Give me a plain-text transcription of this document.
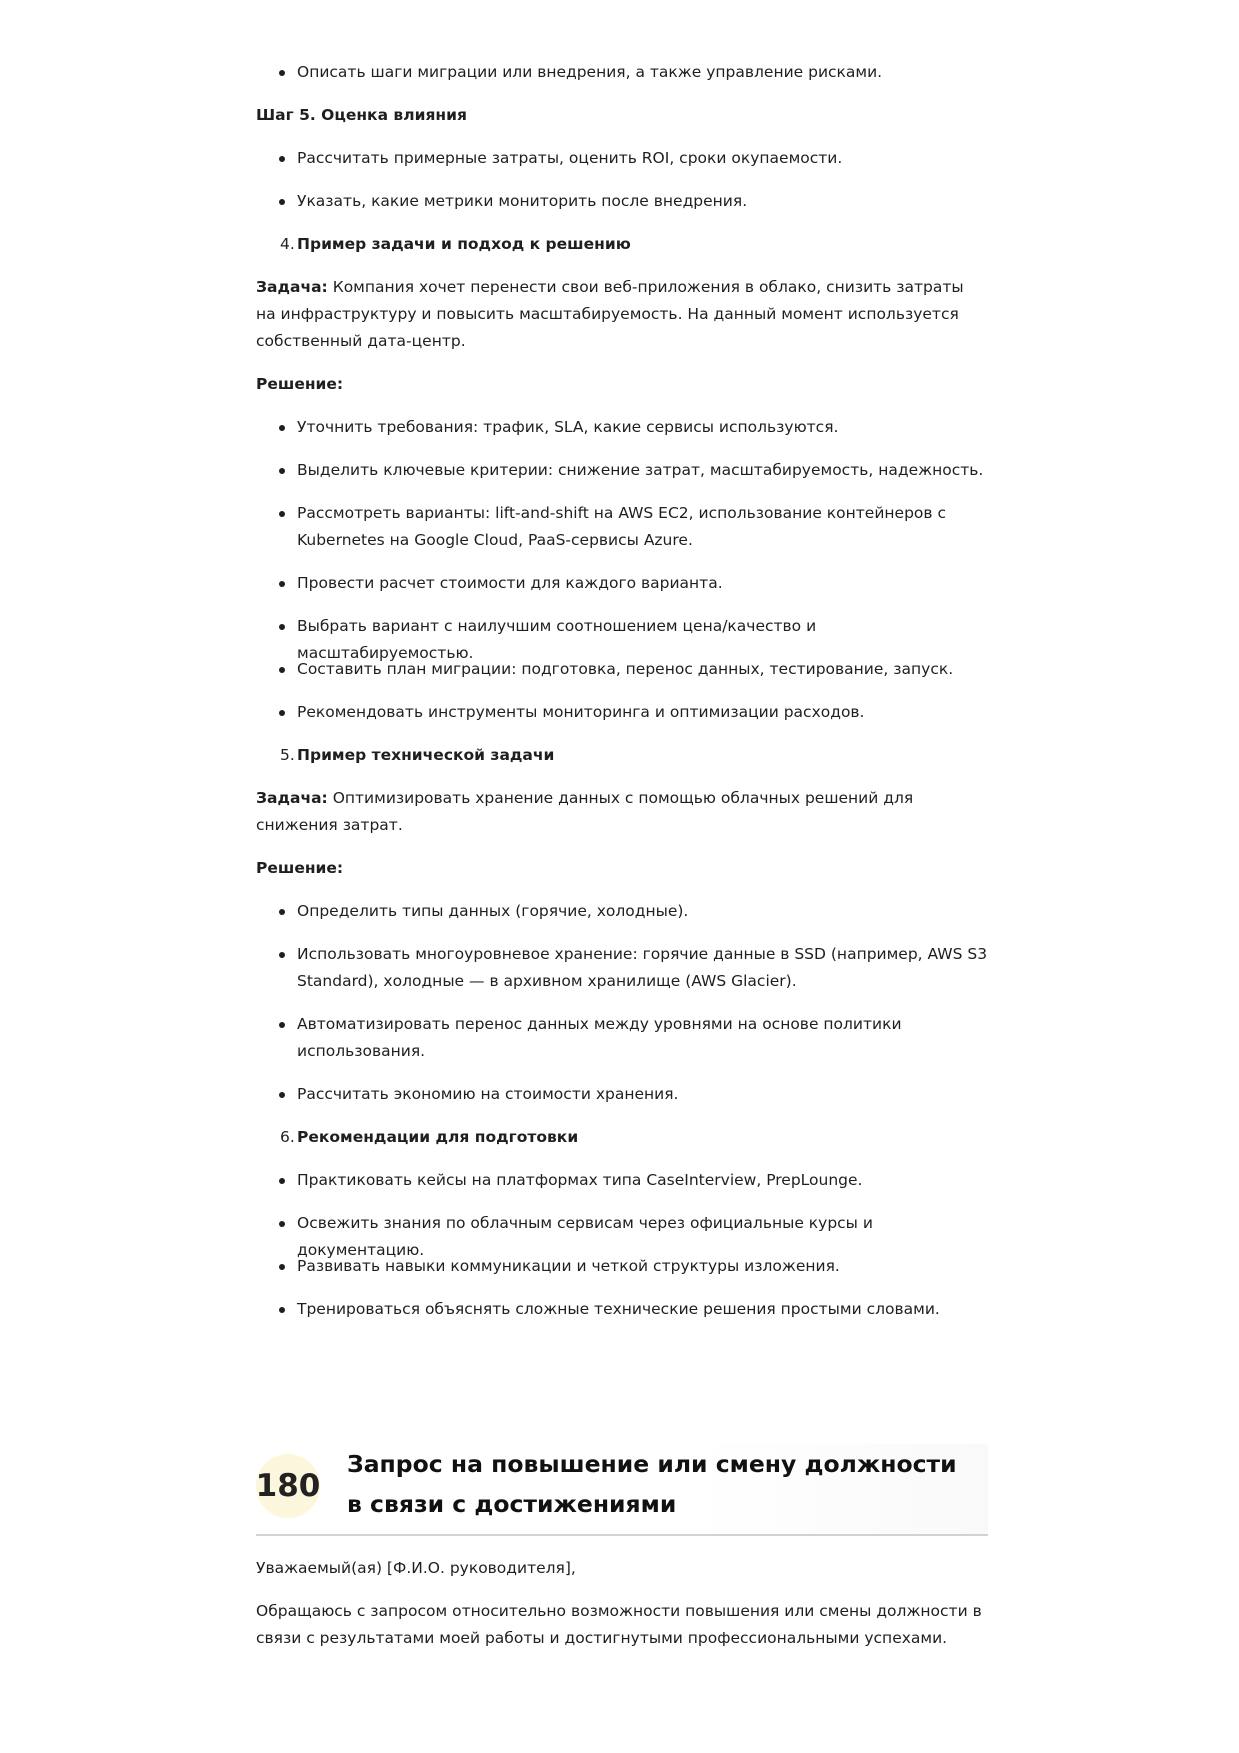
Описать шаги миграции или внедрения, а также управление рисками.

Шаг 5. Оценка влияния

Рассчитать примерные затраты, оценить ROI, сроки окупаемости.

Указать, какие метрики мониторить после внедрения.

4. Пример задачи и подход к решению

Задача: Компания хочет перенести свои веб-приложения в облако, снизить затраты на инфраструктуру и повысить масштабируемость. На данный момент используется собственный дата-центр.

Решение:

Уточнить требования: трафик, SLA, какие сервисы используются.

Выделить ключевые критерии: снижение затрат, масштабируемость, надежность.

Рассмотреть варианты: lift-and-shift на AWS EC2, использование контейнеров с Kubernetes на Google Cloud, PaaS-сервисы Azure.

Провести расчет стоимости для каждого варианта.

Выбрать вариант с наилучшим соотношением цена/качество и масштабируемостью.

Составить план миграции: подготовка, перенос данных, тестирование, запуск.

Рекомендовать инструменты мониторинга и оптимизации расходов.

5. Пример технической задачи

Задача: Оптимизировать хранение данных с помощью облачных решений для снижения затрат.

Решение:

Определить типы данных (горячие, холодные).

Использовать многоуровневое хранение: горячие данные в SSD (например, AWS S3 Standard), холодные — в архивном хранилище (AWS Glacier).

Автоматизировать перенос данных между уровнями на основе политики использования.

Рассчитать экономию на стоимости хранения.

6. Рекомендации для подготовки

Практиковать кейсы на платформах типа CaseInterview, PrepLounge.

Освежить знания по облачным сервисам через официальные курсы и документацию.

Развивать навыки коммуникации и четкой структуры изложения.

Тренироваться объяснять сложные технические решения простыми словами.

180
Запрос на повышение или смену должности в связи с достижениями

Уважаемый(ая) [Ф.И.О. руководителя],

Обращаюсь с запросом относительно возможности повышения или смены должности в связи с результатами моей работы и достигнутыми профессиональными успехами.
